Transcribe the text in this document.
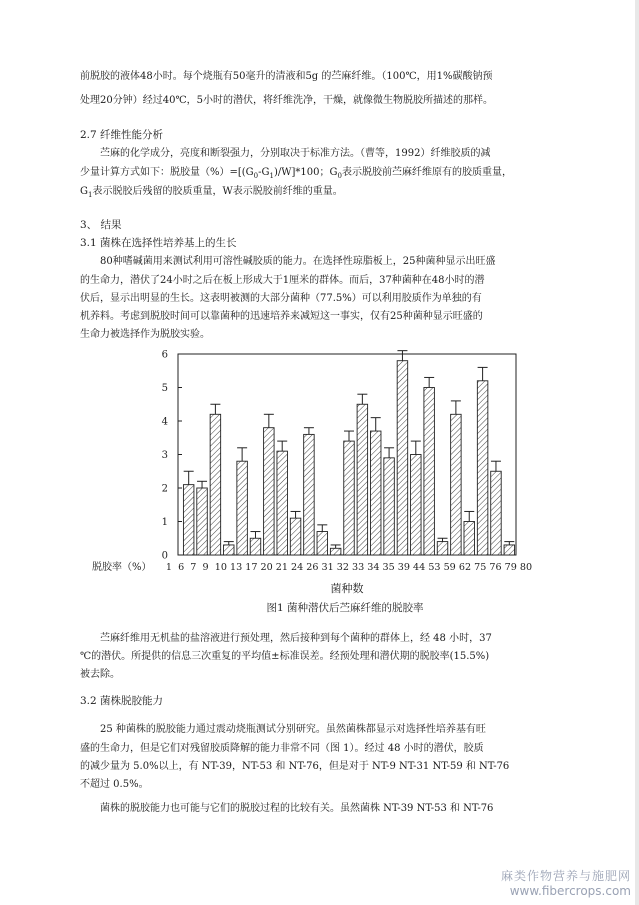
前脱胶的液体48小时。每个烧瓶有50毫升的清液和5g 的苎麻纤维。（100℃，用1%碳酸钠预

处理20分钟）经过40℃，5小时的潜伏，将纤维洗净，干燥，就像微生物脱胶所描述的那样。

2.7 纤维性能分析

苎麻的化学成分，亮度和断裂强力，分别取决于标准方法。（曹等，1992）纤维胶质的减

少量计算方式如下：脱胶量$(\%)=[(G_0-G_1)/W]*100$；$G_0$表示脱胶前苎麻纤维原有的胶质重量，

$G_1$表示脱胶后残留的胶质重量，W表示脱胶前纤维的重量。

3、 结果

3.1 菌株在选择性培养基上的生长

80种嗜碱菌用来测试利用可溶性碱胶质的能力。在选择性琼脂板上，25种菌种显示出旺盛

的生命力，潜伏了24小时之后在板上形成大于1厘米的群体。而后，37种菌种在48小时的潜

伏后，显示出明显的生长。这表明被测的大部分菌种（77.5%）可以利用胶质作为单独的有

机养料。考虑到脱胶时间可以靠菌种的迅速培养来减短这一事实，仅有25种菌种显示旺盛的

生命力被选择作为脱胶实验。

0
1
2
3
4
5
6
1  6  7  9  10 13 17 20 21 24 26 31 32 33 34 35 39 44 53 59 62 75 76 79 80
脱胶率（%）
菌种数
图1 菌种潜伏后苎麻纤维的脱胶率

苎麻纤维用无机盐的盐溶液进行预处理，然后接种到每个菌种的群体上，经 48 小时，37

℃的潜伏。所提供的信息三次重复的平均值±标准误差。经预处理和潜伏期的脱胶率(15.5%)

被去除。

3.2 菌株脱胶能力

25 种菌株的脱胶能力通过震动烧瓶测试分别研究。虽然菌株都显示对选择性培养基有旺

盛的生命力，但是它们对残留胶质降解的能力非常不同（图 1）。经过 48 小时的潜伏，胶质

的减少量为 5.0%以上，有 NT-39，NT-53 和 NT-76，但是对于 NT-9 NT-31 NT-59 和 NT-76

不超过 0.5%。

菌株的脱胶能力也可能与它们的脱胶过程的比较有关。虽然菌株 NT-39 NT-53 和 NT-76

麻类作物营养与施肥网
www.fibercrops.com
